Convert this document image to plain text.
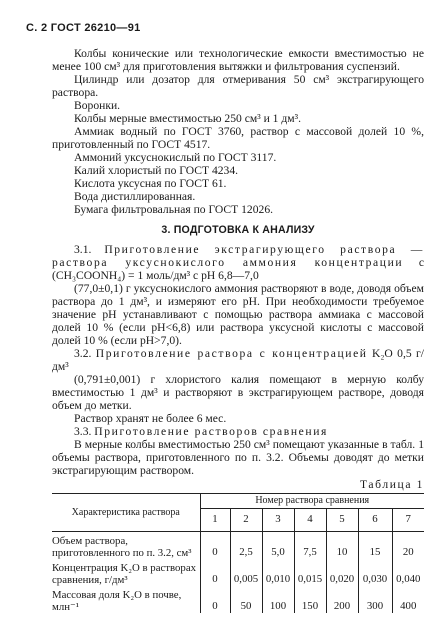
С. 2 ГОСТ 26210—91

Колбы конические или технологические емкости вместимостью не менее 100 см³ для приготовления вытяжки и фильтрования суспензий.

Цилиндр или дозатор для отмеривания 50 см³ экстрагирующего раствора.

Воронки.

Колбы мерные вместимостью 250 см³ и 1 дм³.

Аммиак водный по ГОСТ 3760, раствор с массовой долей 10 %, приготовленный по ГОСТ 4517.

Аммоний уксуснокислый по ГОСТ 3117.

Калий хлористый по ГОСТ 4234.

Кислота уксусная по ГОСТ 61.

Вода дистиллированная.

Бумага фильтровальная по ГОСТ 12026.

3. ПОДГОТОВКА К АНАЛИЗУ

3.1. Приготовление экстрагирующего раствора — раствора уксуснокислого аммония концентрации c (CH₃COONH₄) = 1 моль/дм³ с pH 6,8—7,0

(77,0±0,1) г уксуснокислого аммония растворяют в воде, доводя объем раствора до 1 дм³, и измеряют его pH. При необходимости требуемое значение pH устанавливают с помощью раствора аммиака с массовой долей 10 % (если pH<6,8) или раствора уксусной кислоты с массовой долей 10 % (если pH>7,0).

3.2. Приготовление раствора с концентрацией K₂O 0,5 г/дм³

(0,791±0,001) г хлористого калия помещают в мерную колбу вместимостью 1 дм³ и растворяют в экстрагирующем растворе, доводя объем до метки.

Раствор хранят не более 6 мес.

3.3. Приготовление растворов сравнения

В мерные колбы вместимостью 250 см³ помещают указанные в табл. 1 объемы раствора, приготовленного по п. 3.2. Объемы доводят до метки экстрагирующим раствором.

Таблица 1
Характеристика раствора	Номер раствора сравнения						
	1	2	3	4	5	6	7
Объем раствора, приготовленного по п. 3.2, см³	0	2,5	5,0	7,5	10	15	20
Концентрация K₂O в растворах сравнения, г/дм³	0	0,005	0,010	0,015	0,020	0,030	0,040
Массовая доля K₂O в почве, млн⁻¹	0	50	100	150	200	300	400
